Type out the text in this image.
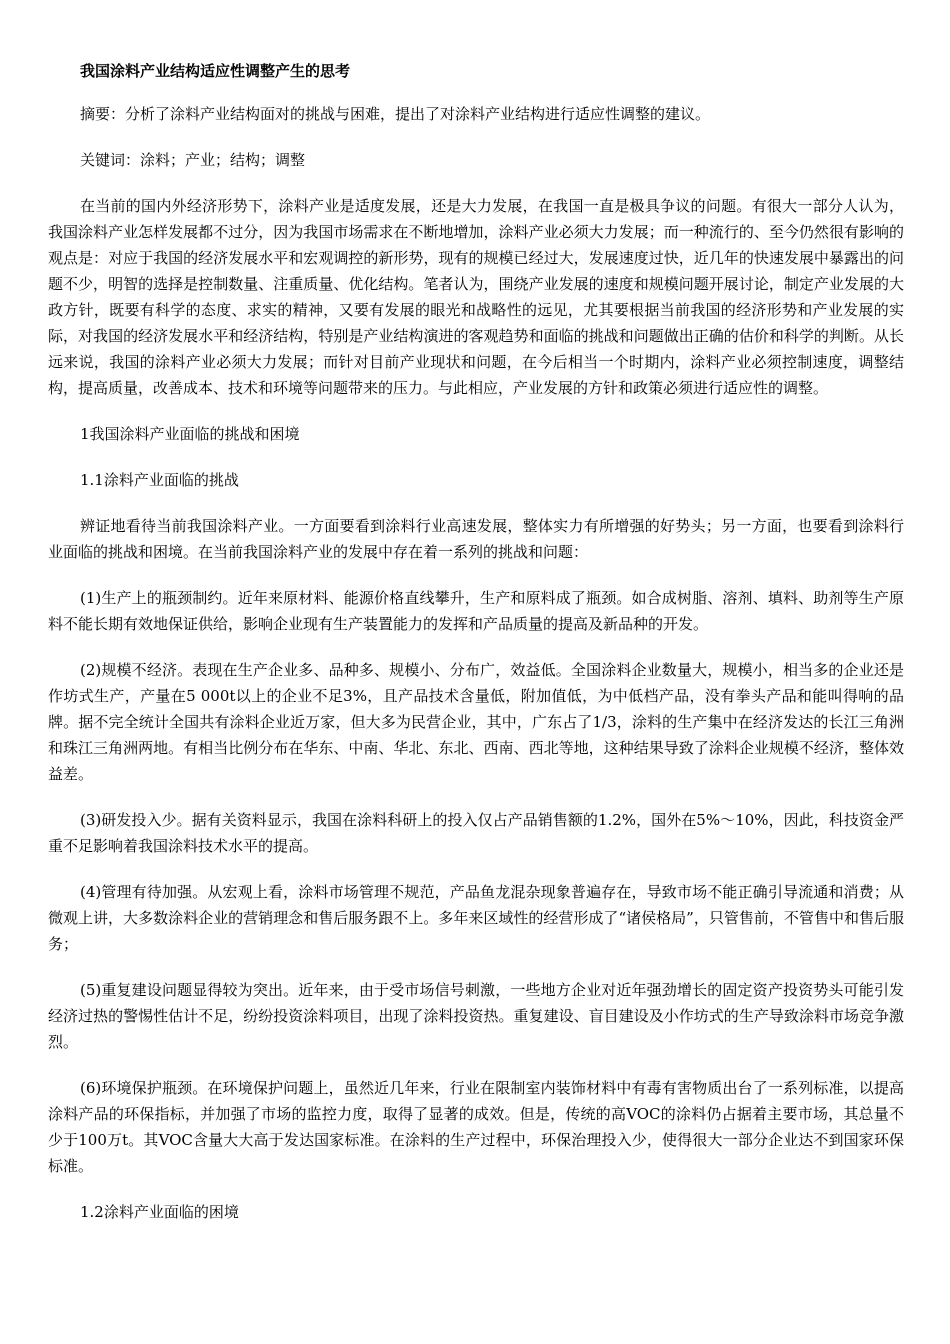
我国涂料产业结构适应性调整产生的思考

摘要：分析了涂料产业结构面对的挑战与困难，提出了对涂料产业结构进行适应性调整的建议。

关键词：涂料；产业；结构；调整

在当前的国内外经济形势下，涂料产业是适度发展，还是大力发展，在我国一直是极具争议的问题。有很大一部分人认为，我国涂料产业怎样发展都不过分，因为我国市场需求在不断地增加，涂料产业必须大力发展；而一种流行的、至今仍然很有影响的观点是：对应于我国的经济发展水平和宏观调控的新形势，现有的规模已经过大，发展速度过快，近几年的快速发展中暴露出的问题不少，明智的选择是控制数量、注重质量、优化结构。笔者认为，围绕产业发展的速度和规模问题开展讨论，制定产业发展的大政方针，既要有科学的态度、求实的精神，又要有发展的眼光和战略性的远见，尤其要根据当前我国的经济形势和产业发展的实际，对我国的经济发展水平和经济结构，特别是产业结构演进的客观趋势和面临的挑战和问题做出正确的估价和科学的判断。从长远来说，我国的涂料产业必须大力发展；而针对目前产业现状和问题，在今后相当一个时期内，涂料产业必须控制速度，调整结构，提高质量，改善成本、技术和环境等问题带来的压力。与此相应，产业发展的方针和政策必须进行适应性的调整。

1我国涂料产业面临的挑战和困境
1.1涂料产业面临的挑战

辨证地看待当前我国涂料产业。一方面要看到涂料行业高速发展，整体实力有所增强的好势头；另一方面，也要看到涂料行业面临的挑战和困境。在当前我国涂料产业的发展中存在着一系列的挑战和问题：

(1)生产上的瓶颈制约。近年来原材料、能源价格直线攀升，生产和原料成了瓶颈。如合成树脂、溶剂、填料、助剂等生产原料不能长期有效地保证供给，影响企业现有生产装置能力的发挥和产品质量的提高及新品种的开发。

(2)规模不经济。表现在生产企业多、品种多、规模小、分布广，效益低。全国涂料企业数量大，规模小，相当多的企业还是作坊式生产，产量在5 000t以上的企业不足3%，且产品技术含量低，附加值低，为中低档产品，没有拳头产品和能叫得响的品牌。据不完全统计全国共有涂料企业近万家，但大多为民营企业，其中，广东占了1/3，涂料的生产集中在经济发达的长江三角洲和珠江三角洲两地。有相当比例分布在华东、中南、华北、东北、西南、西北等地，这种结果导致了涂料企业规模不经济，整体效益差。

(3)研发投入少。据有关资料显示，我国在涂料科研上的投入仅占产品销售额的1.2%，国外在5%～10%，因此，科技资金严重不足影响着我国涂料技术水平的提高。

(4)管理有待加强。从宏观上看，涂料市场管理不规范，产品鱼龙混杂现象普遍存在，导致市场不能正确引导流通和消费；从微观上讲，大多数涂料企业的营销理念和售后服务跟不上。多年来区域性的经营形成了“诸侯格局”，只管售前，不管售中和售后服务；

(5)重复建设问题显得较为突出。近年来，由于受市场信号刺激，一些地方企业对近年强劲增长的固定资产投资势头可能引发经济过热的警惕性估计不足，纷纷投资涂料项目，出现了涂料投资热。重复建设、盲目建设及小作坊式的生产导致涂料市场竞争激烈。

(6)环境保护瓶颈。在环境保护问题上，虽然近几年来，行业在限制室内装饰材料中有毒有害物质出台了一系列标准，以提高涂料产品的环保指标，并加强了市场的监控力度，取得了显著的成效。但是，传统的高VOC的涂料仍占据着主要市场，其总量不少于100万t。其VOC含量大大高于发达国家标准。在涂料的生产过程中，环保治理投入少，使得很大一部分企业达不到国家环保标准。

1.2涂料产业面临的困境
